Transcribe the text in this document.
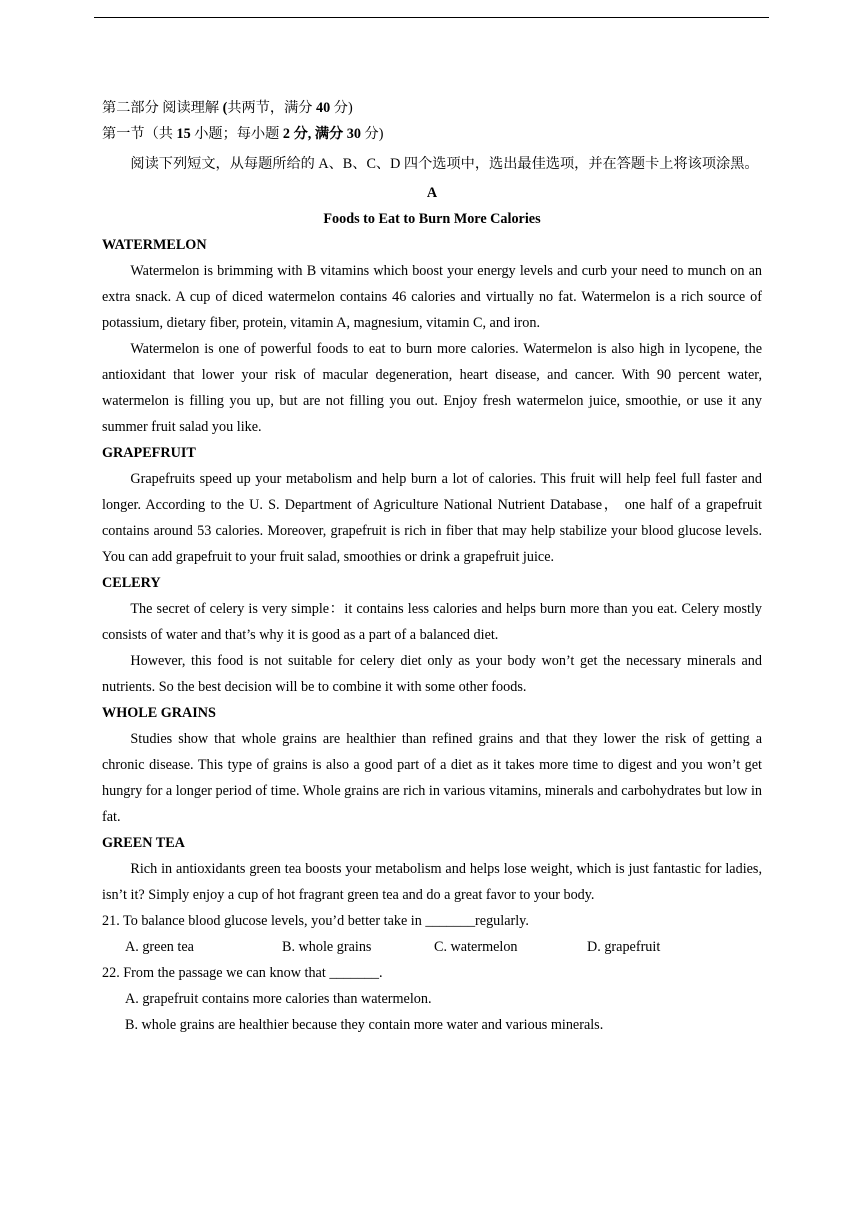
第二部分 阅读理解 (共两节，满分 40 分)
第一节（共 15 小题；每小题 2 分, 满分 30 分)
阅读下列短文，从每题所给的 A、B、C、D 四个选项中，选出最佳选项，并在答题卡上将该项涂黑。
A
Foods to Eat to Burn More Calories
WATERMELON

Watermelon is brimming with B vitamins which boost your energy levels and curb your need to munch on an extra snack. A cup of diced watermelon contains 46 calories and virtually no fat. Watermelon is a rich source of potassium, dietary fiber, protein, vitamin A, magnesium, vitamin C, and iron.

Watermelon is one of powerful foods to eat to burn more calories. Watermelon is also high in lycopene, the antioxidant that lower your risk of macular degeneration, heart disease, and cancer. With 90 percent water, watermelon is filling you up, but are not filling you out. Enjoy fresh watermelon juice, smoothie, or use it any summer fruit salad you like.

GRAPEFRUIT

Grapefruits speed up your metabolism and help burn a lot of calories. This fruit will help feel full faster and longer. According to the U. S. Department of Agriculture National Nutrient Database， one half of a grapefruit contains around 53 calories. Moreover, grapefruit is rich in fiber that may help stabilize your blood glucose levels. You can add grapefruit to your fruit salad, smoothies or drink a grapefruit juice.

CELERY

The secret of celery is very simple：it contains less calories and helps burn more than you eat. Celery mostly consists of water and that’s why it is good as a part of a balanced diet.

However, this food is not suitable for celery diet only as your body won’t get the necessary minerals and nutrients. So the best decision will be to combine it with some other foods.

WHOLE GRAINS

Studies show that whole grains are healthier than refined grains and that they lower the risk of getting a chronic disease. This type of grains is also a good part of a diet as it takes more time to digest and you won’t get hungry for a longer period of time. Whole grains are rich in various vitamins, minerals and carbohydrates but low in fat.

GREEN TEA

Rich in antioxidants green tea boosts your metabolism and helps lose weight, which is just fantastic for ladies, isn’t it? Simply enjoy a cup of hot fragrant green tea and do a great favor to your body.

21. To balance blood glucose levels, you’d better take in _______regularly.
A. green tea	B. whole grains	C. watermelon	D. grapefruit
22. From the passage we can know that _______.
A. grapefruit contains more calories than watermelon.
B. whole grains are healthier because they contain more water and various minerals.
